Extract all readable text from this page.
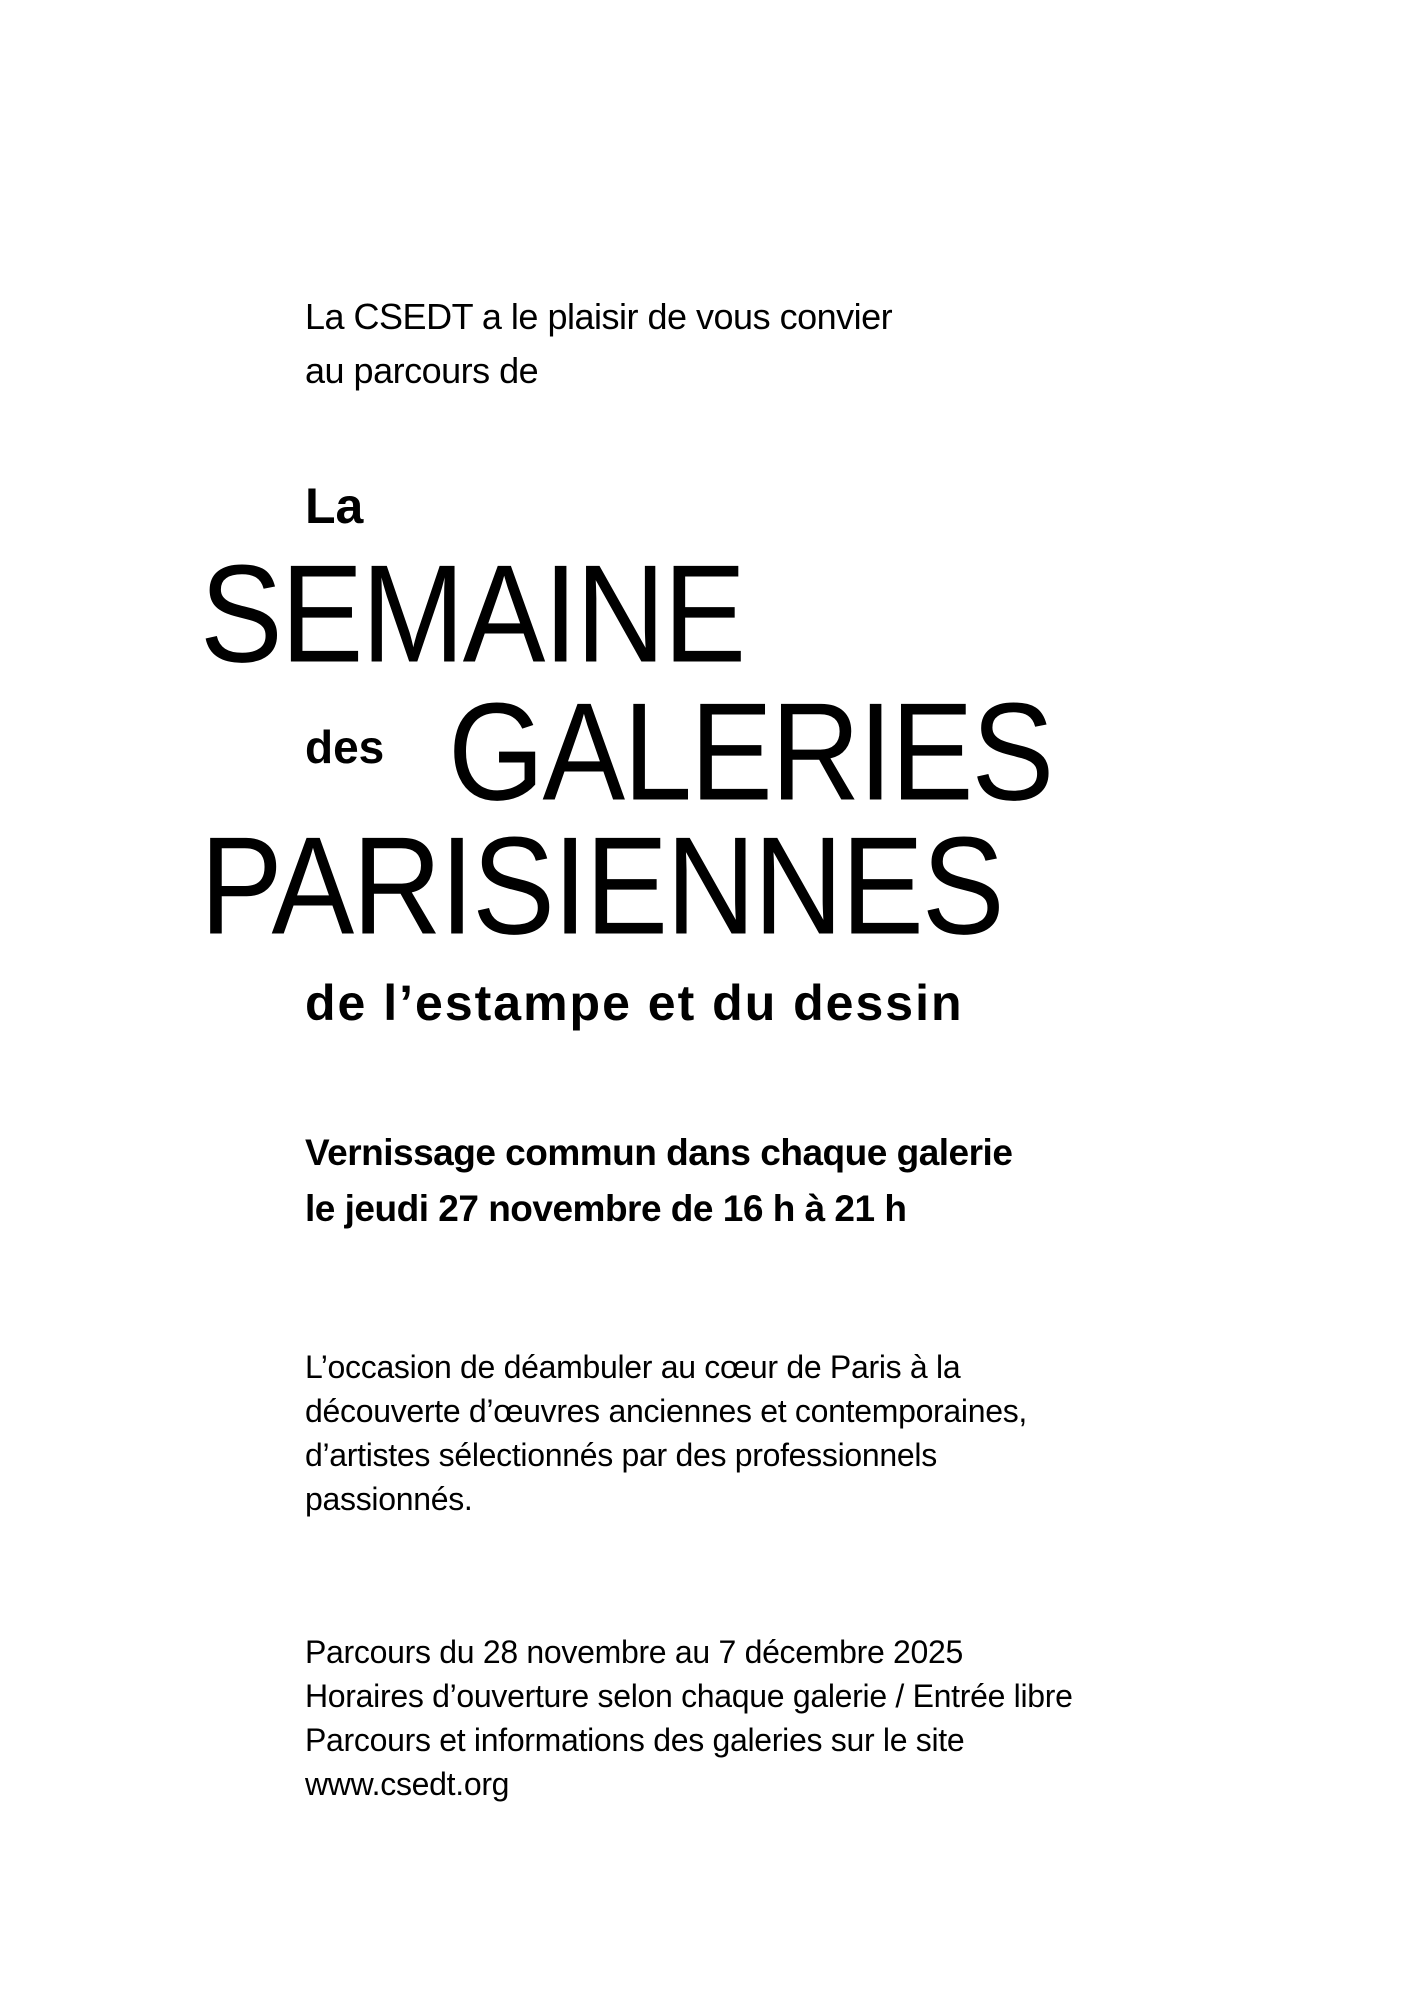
La CSEDT a le plaisir de vous convier
au parcours de
La
SEMAINE
des GALERIES
PARISIENNES
de l’estampe et du dessin
Vernissage commun dans chaque galerie
le jeudi 27 novembre de 16 h à 21 h
L’occasion de déambuler au cœur de Paris à la
découverte d’œuvres anciennes et contemporaines,
d’artistes sélectionnés par des professionnels
passionnés.
Parcours du 28 novembre au 7 décembre 2025
Horaires d’ouverture selon chaque galerie / Entrée libre
Parcours et informations des galeries sur le site
www.csedt.org
